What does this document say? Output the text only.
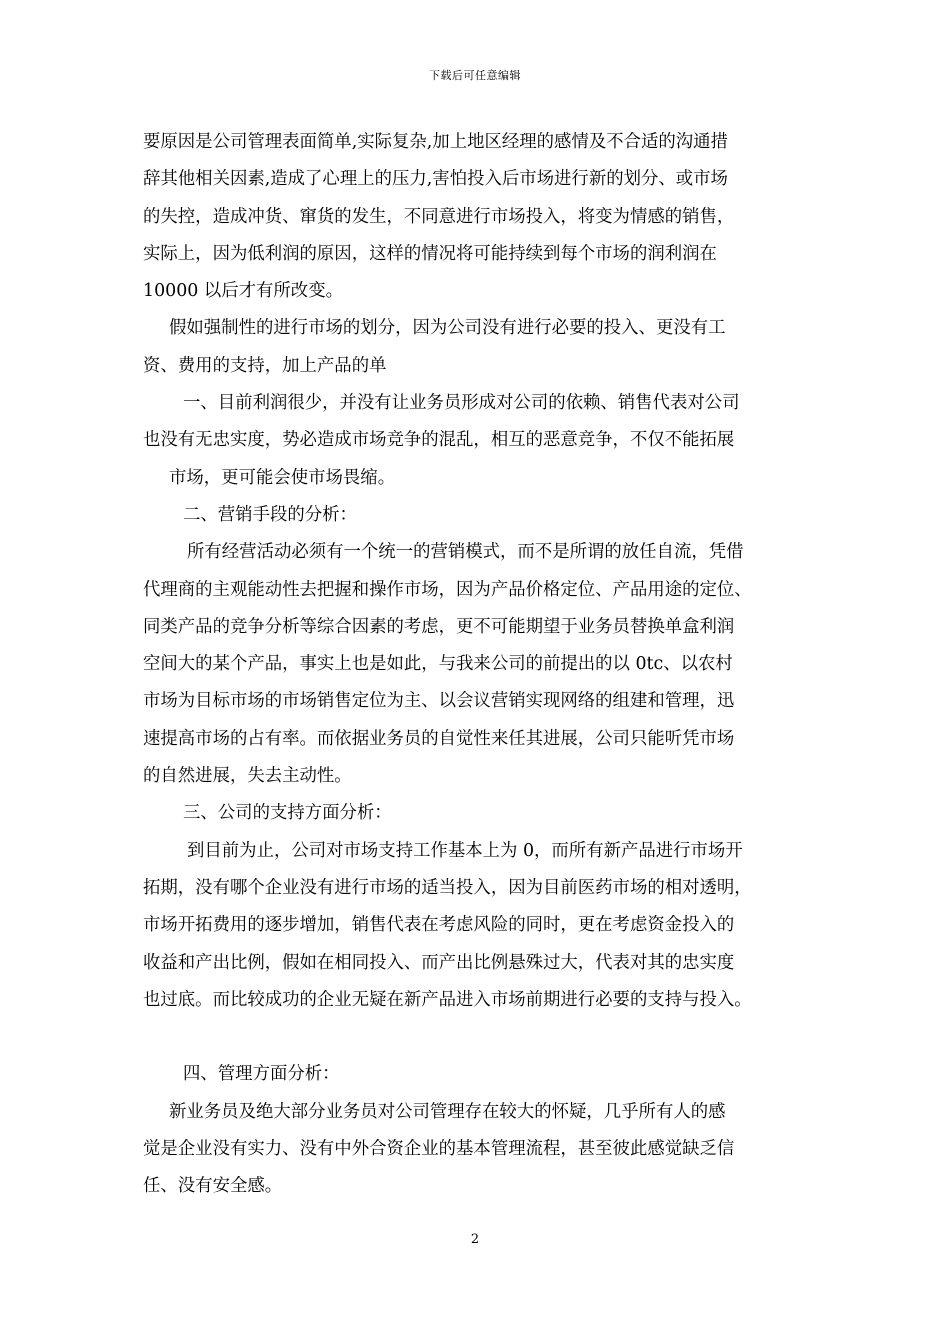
下载后可任意编辑
要原因是公司管理表面简单,实际复杂,加上地区经理的感情及不合适的沟通措
辞其他相关因素,造成了心理上的压力,害怕投入后市场进行新的划分、或市场
的失控，造成冲货、窜货的发生，不同意进行市场投入，将变为情感的销售，
实际上，因为低利润的原因，这样的情况将可能持续到每个市场的润利润在
10000 以后才有所改变。
假如强制性的进行市场的划分，因为公司没有进行必要的投入、更没有工
资、费用的支持，加上产品的单
一、目前利润很少，并没有让业务员形成对公司的依赖、销售代表对公司
也没有无忠实度，势必造成市场竞争的混乱，相互的恶意竞争，不仅不能拓展
市场，更可能会使市场畏缩。
二、营销手段的分析：
所有经营活动必须有一个统一的营销模式，而不是所谓的放任自流，凭借
代理商的主观能动性去把握和操作市场，因为产品价格定位、产品用途的定位、
同类产品的竞争分析等综合因素的考虑，更不可能期望于业务员替换单盒利润
空间大的某个产品，事实上也是如此，与我来公司的前提出的以 0tc、以农村
市场为目标市场的市场销售定位为主、以会议营销实现网络的组建和管理，迅
速提高市场的占有率。而依据业务员的自觉性来任其进展，公司只能听凭市场
的自然进展，失去主动性。
三、公司的支持方面分析：
到目前为止，公司对市场支持工作基本上为 0，而所有新产品进行市场开
拓期，没有哪个企业没有进行市场的适当投入，因为目前医药市场的相对透明，
市场开拓费用的逐步增加，销售代表在考虑风险的同时，更在考虑资金投入的
收益和产出比例，假如在相同投入、而产出比例悬殊过大，代表对其的忠实度
也过底。而比较成功的企业无疑在新产品进入市场前期进行必要的支持与投入。
四、管理方面分析：
新业务员及绝大部分业务员对公司管理存在较大的怀疑，几乎所有人的感
觉是企业没有实力、没有中外合资企业的基本管理流程，甚至彼此感觉缺乏信
任、没有安全感。
2
